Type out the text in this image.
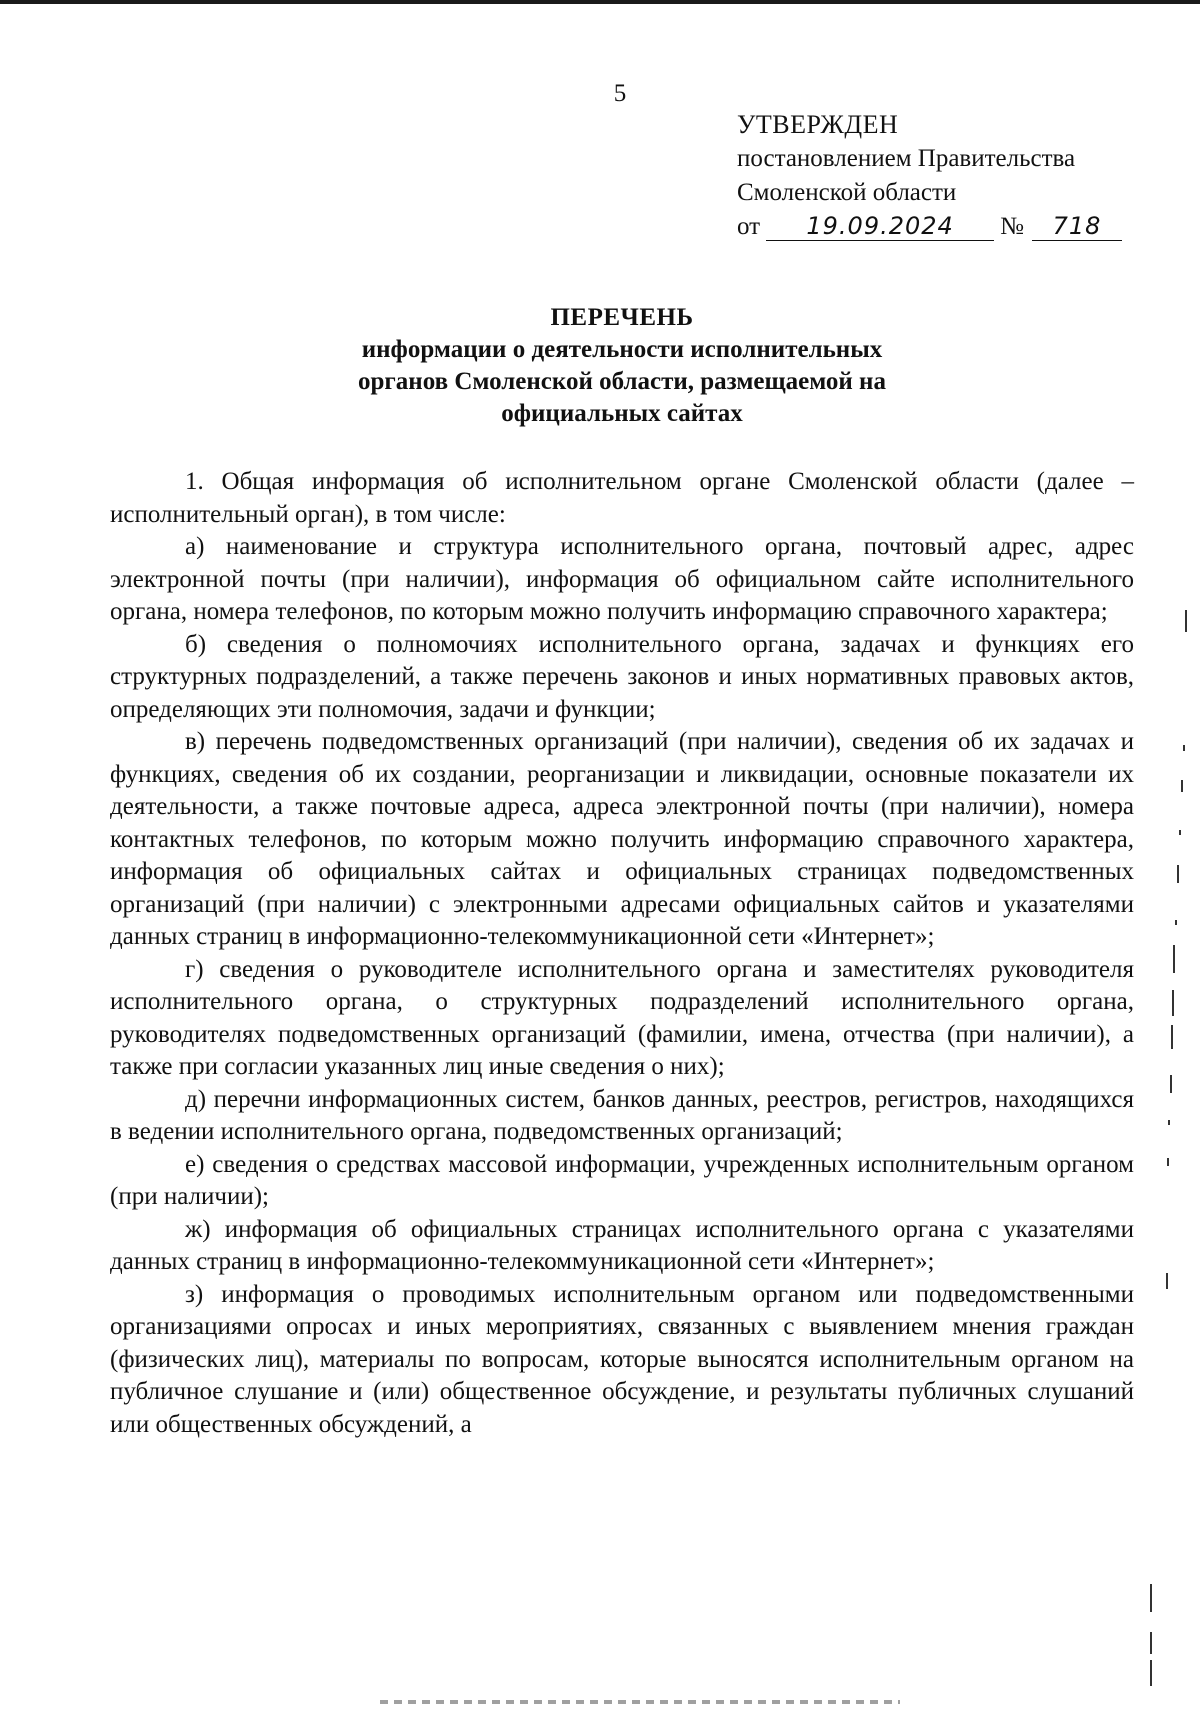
5
УТВЕРЖДЕН
постановлением Правительства
Смоленской области
от	19.09.2024	№	718
ПЕРЕЧЕНЬ
информации о деятельности исполнительных
органов Смоленской области, размещаемой на
официальных сайтах

1. Общая информация об исполнительном органе Смоленской области (далее – исполнительный орган), в том числе:

а) наименование и структура исполнительного органа, почтовый адрес, адрес электронной почты (при наличии), информация об официальном сайте исполнительного органа, номера телефонов, по которым можно получить информацию справочного характера;

б) сведения о полномочиях исполнительного органа, задачах и функциях его структурных подразделений, а также перечень законов и иных нормативных правовых актов, определяющих эти полномочия, задачи и функции;

в) перечень подведомственных организаций (при наличии), сведения об их задачах и функциях, сведения об их создании, реорганизации и ликвидации, основные показатели их деятельности, а также почтовые адреса, адреса электронной почты (при наличии), номера контактных телефонов, по которым можно получить информацию справочного характера, информация об официальных сайтах и официальных страницах подведомственных организаций (при наличии) с электронными адресами официальных сайтов и указателями данных страниц в информационно-телекоммуникационной сети «Интернет»;

г) сведения о руководителе исполнительного органа и заместителях руководителя исполнительного органа, о структурных подразделений исполнительного органа, руководителях подведомственных организаций (фамилии, имена, отчества (при наличии), а также при согласии указанных лиц иные сведения о них);

д) перечни информационных систем, банков данных, реестров, регистров, находящихся в ведении исполнительного органа, подведомственных организаций;

е) сведения о средствах массовой информации, учрежденных исполнительным органом (при наличии);

ж) информация об официальных страницах исполнительного органа с указателями данных страниц в информационно-телекоммуникационной сети «Интернет»;

з) информация о проводимых исполнительным органом или подведомственными организациями опросах и иных мероприятиях, связанных с выявлением мнения граждан (физических лиц), материалы по вопросам, которые выносятся исполнительным органом на публичное слушание и (или) общественное обсуждение, и результаты публичных слушаний или общественных обсуждений, а
